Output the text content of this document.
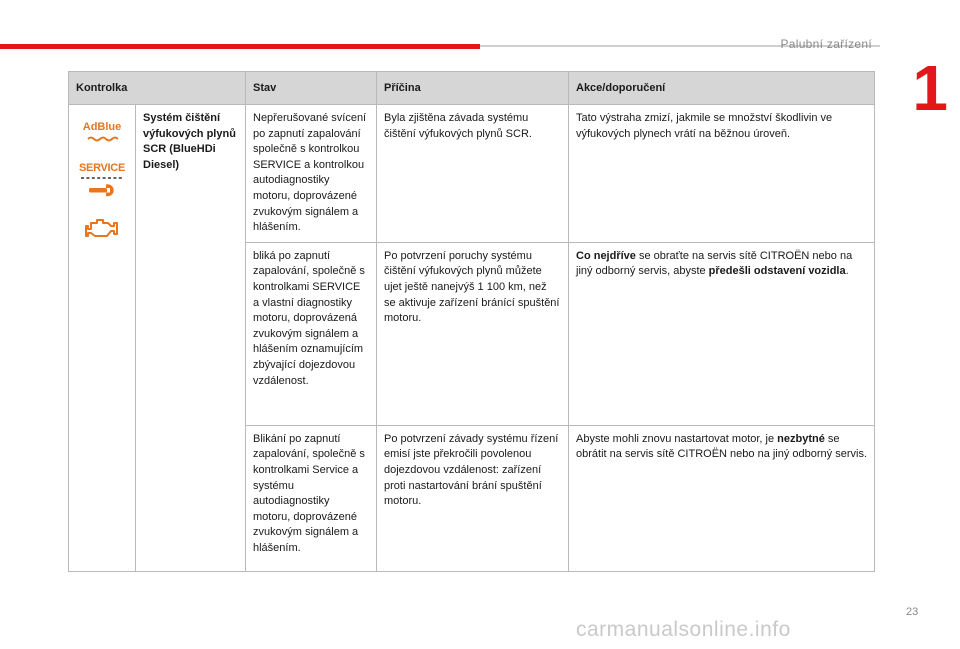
Palubní zařízení
1
Kontrolka		Stav	Příčina	Akce/doporučení

AdBlue
SERVICE	Systém čištění výfukových plynů SCR (BlueHDi Diesel)	Nepřerušované svícení po zapnutí zapalování společně s kontrolkou SERVICE a kontrolkou autodiagnostiky motoru, doprovázené zvukovým signálem a hlášením.	Byla zjištěna závada systému čištění výfukových plynů SCR.	Tato výstraha zmizí, jakmile se množství škodlivin ve výfukových plynech vrátí na běžnou úroveň.
		bliká po zapnutí zapalování, společně s kontrolkami SERVICE a vlastní diagnostiky motoru, doprovázená zvukovým signálem a hlášením oznamujícím zbývající dojezdovou vzdálenost.	Po potvrzení poruchy systému čištění výfukových plynů můžete ujet ještě nanejvýš 1 100 km, než se aktivuje zařízení bránící spuštění motoru.	Co nejdříve se obraťte na servis sítě CITROËN nebo na jiný odborný servis, abyste předešli odstavení vozidla.
		Blikání po zapnutí zapalování, společně s kontrolkami Service a systému autodiagnostiky motoru, doprovázené zvukovým signálem a hlášením.	Po potvrzení závady systému řízení emisí jste překročili povolenou dojezdovou vzdálenost: zařízení proti nastartování brání spuštění motoru.	Abyste mohli znovu nastartovat motor, je nezbytné se obrátit na servis sítě CITROËN nebo na jiný odborný servis.
23
carmanualsonline.info
